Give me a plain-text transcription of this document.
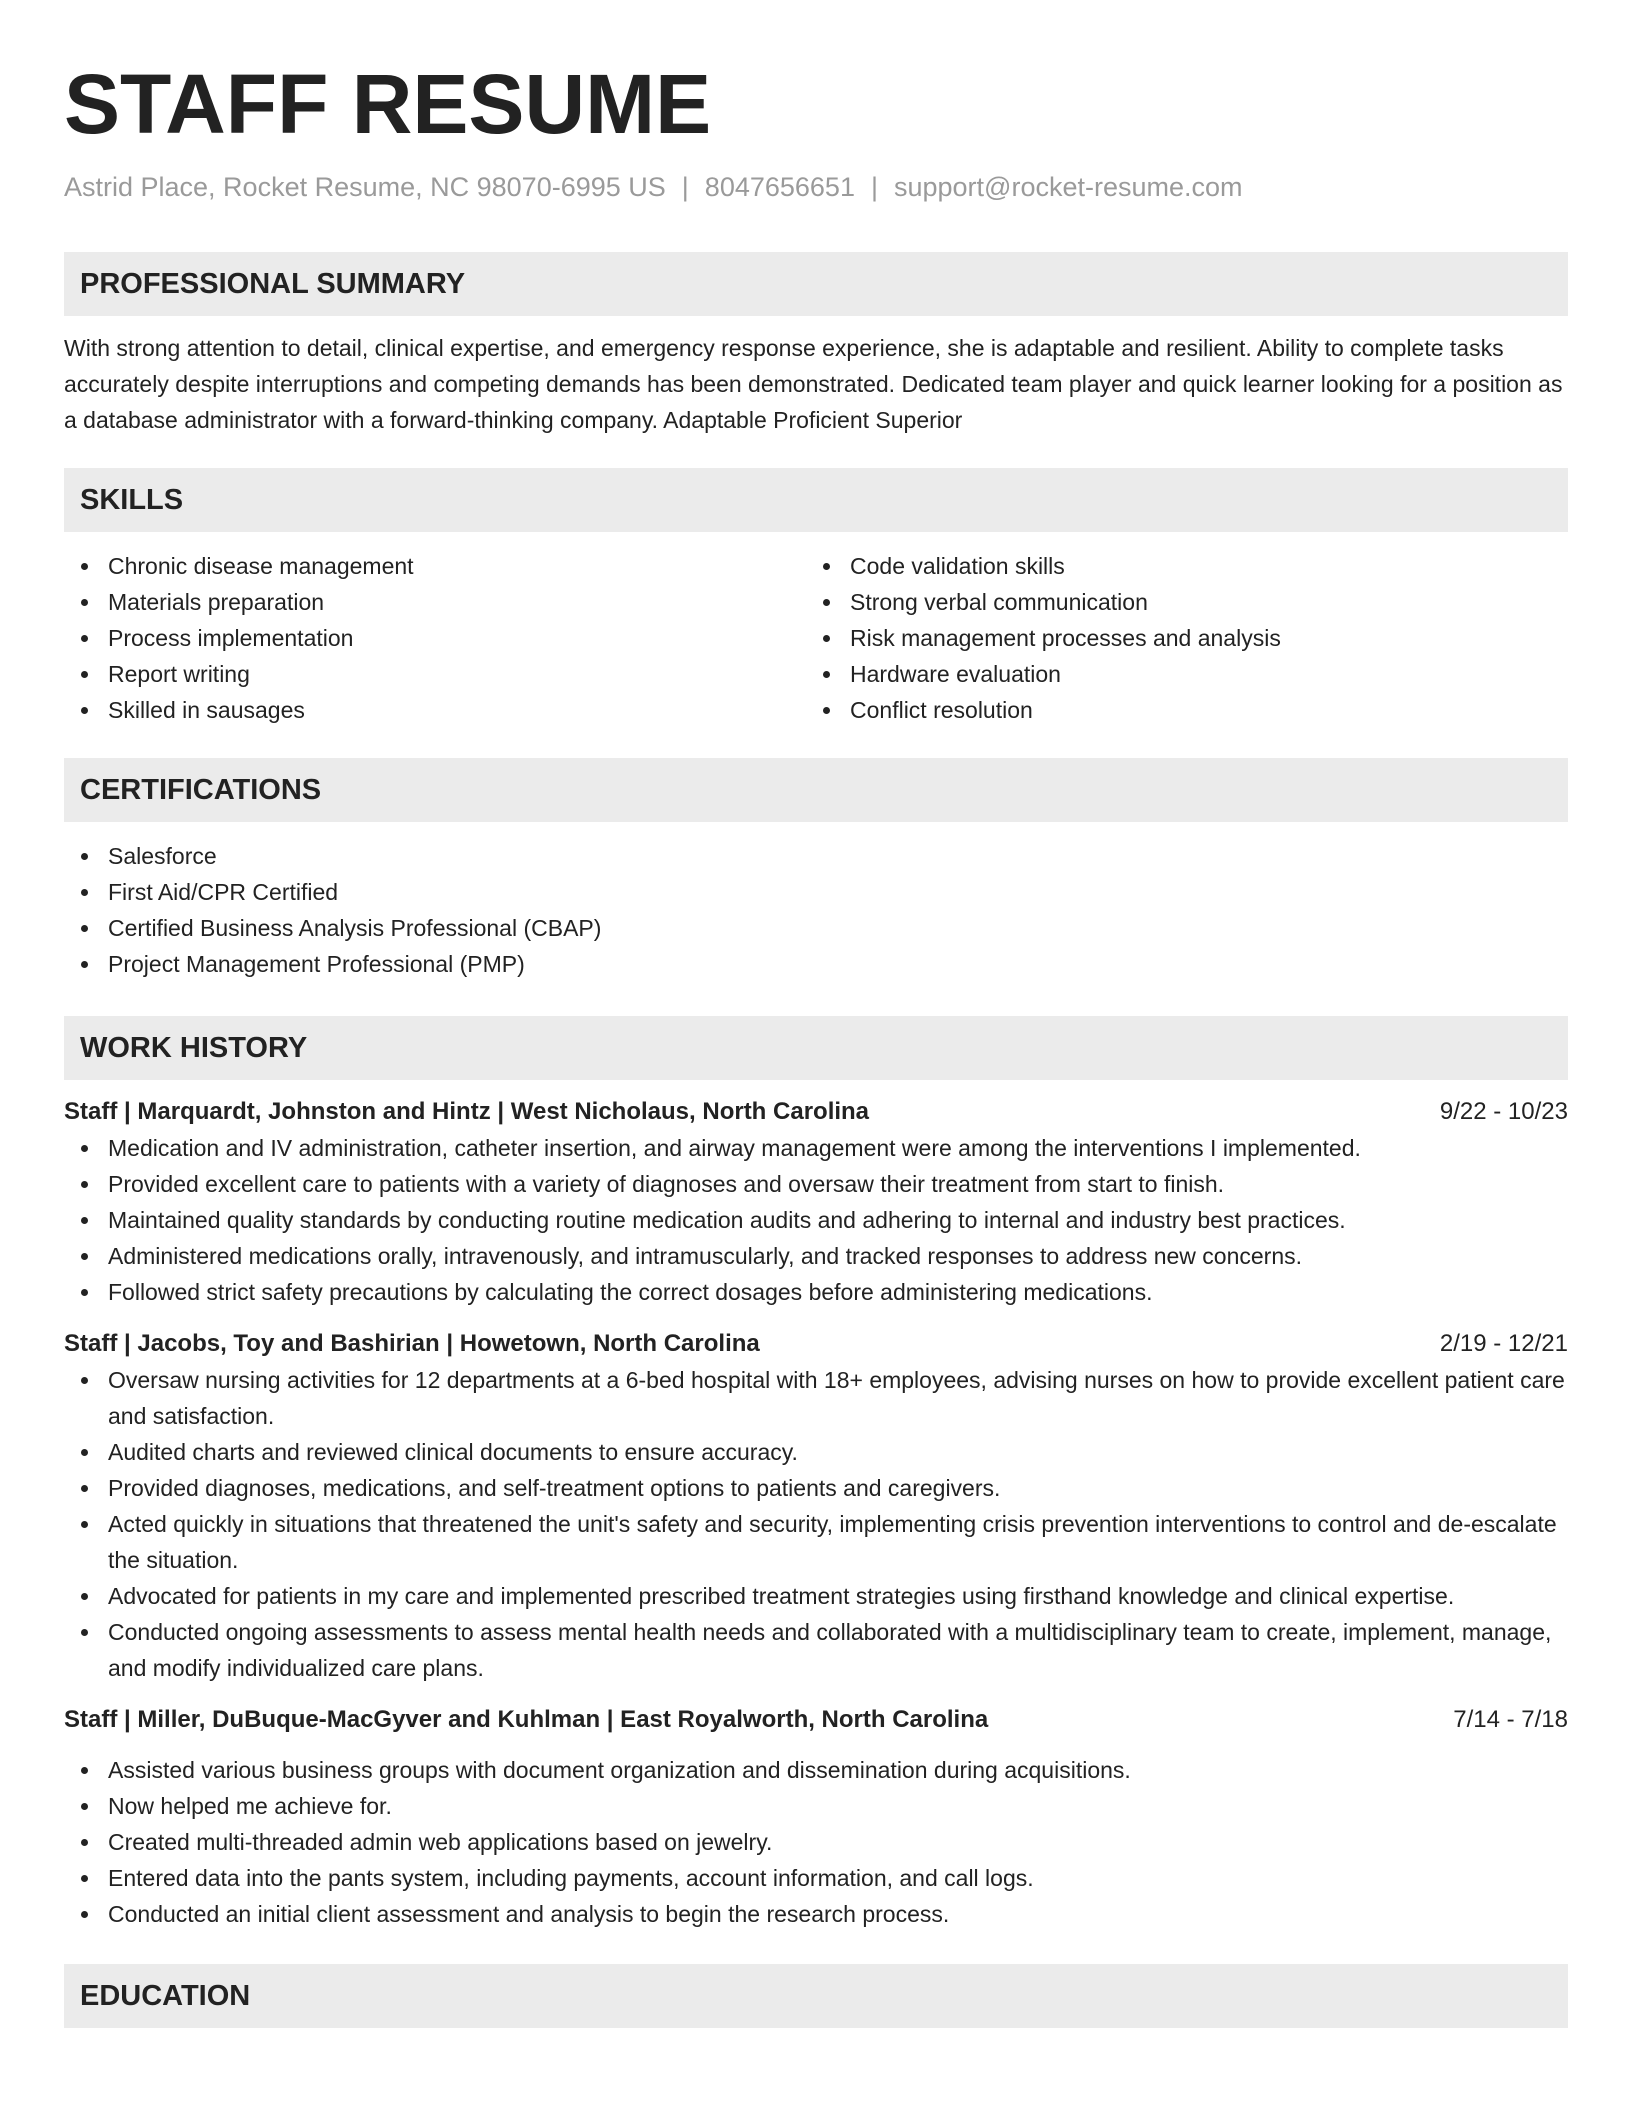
STAFF RESUME
Astrid Place, Rocket Resume, NC 98070-6995 US | 8047656651 | support@rocket-resume.com
PROFESSIONAL SUMMARY

With strong attention to detail, clinical expertise, and emergency response experience, she is adaptable and resilient. Ability to complete tasks accurately despite interruptions and competing demands has been demonstrated. Dedicated team player and quick learner looking for a position as a database administrator with a forward-thinking company. Adaptable Proficient Superior

SKILLS
Chronic disease management
Materials preparation
Process implementation
Report writing
Skilled in sausages
Code validation skills
Strong verbal communication
Risk management processes and analysis
Hardware evaluation
Conflict resolution
CERTIFICATIONS
Salesforce
First Aid/CPR Certified
Certified Business Analysis Professional (CBAP)
Project Management Professional (PMP)
WORK HISTORY
Staff | Marquardt, Johnston and Hintz | West Nicholaus, North Carolina	9/22 - 10/23
Medication and IV administration, catheter insertion, and airway management were among the interventions I implemented.
Provided excellent care to patients with a variety of diagnoses and oversaw their treatment from start to finish.
Maintained quality standards by conducting routine medication audits and adhering to internal and industry best practices.
Administered medications orally, intravenously, and intramuscularly, and tracked responses to address new concerns.
Followed strict safety precautions by calculating the correct dosages before administering medications.
Staff | Jacobs, Toy and Bashirian | Howetown, North Carolina	2/19 - 12/21
Oversaw nursing activities for 12 departments at a 6-bed hospital with 18+ employees, advising nurses on how to provide excellent patient care and satisfaction.
Audited charts and reviewed clinical documents to ensure accuracy.
Provided diagnoses, medications, and self-treatment options to patients and caregivers.
Acted quickly in situations that threatened the unit's safety and security, implementing crisis prevention interventions to control and de-escalate the situation.
Advocated for patients in my care and implemented prescribed treatment strategies using firsthand knowledge and clinical expertise.
Conducted ongoing assessments to assess mental health needs and collaborated with a multidisciplinary team to create, implement, manage, and modify individualized care plans.
Staff | Miller, DuBuque-MacGyver and Kuhlman | East Royalworth, North Carolina	7/14 - 7/18
Assisted various business groups with document organization and dissemination during acquisitions.
Now helped me achieve for.
Created multi-threaded admin web applications based on jewelry.
Entered data into the pants system, including payments, account information, and call logs.
Conducted an initial client assessment and analysis to begin the research process.
EDUCATION
